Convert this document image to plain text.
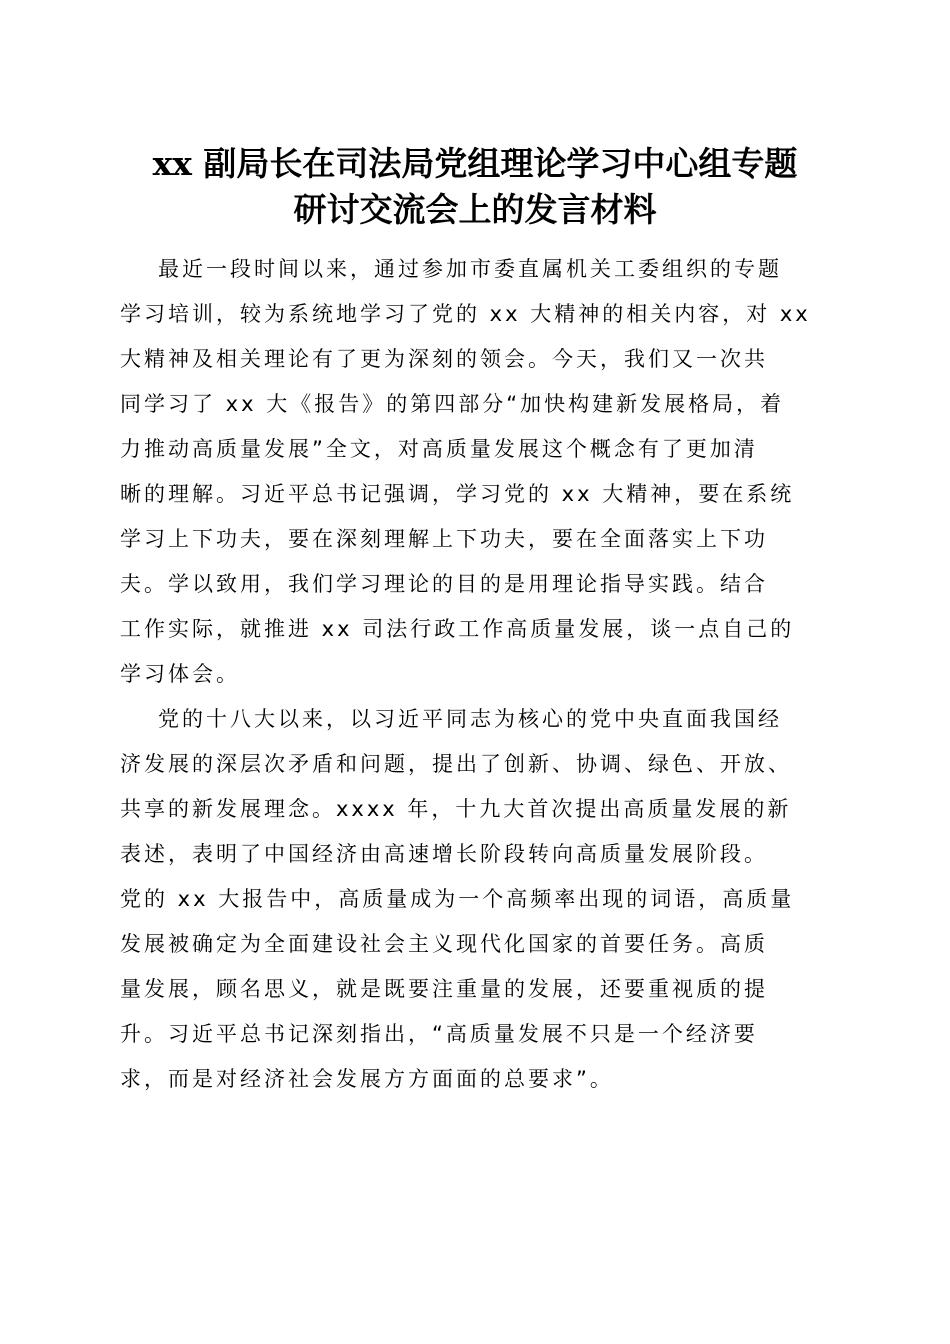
xx 副局长在司法局党组理论学习中心组专题
研讨交流会上的发言材料

最近一段时间以来，通过参加市委直属机关工委组织的专题

学习培训，较为系统地学习了党的 xx 大精神的相关内容，对 xx

大精神及相关理论有了更为深刻的领会。今天，我们又一次共

同学习了 xx 大《报告》的第四部分“加快构建新发展格局，着

力推动高质量发展”全文，对高质量发展这个概念有了更加清

晰的理解。习近平总书记强调，学习党的 xx 大精神，要在系统

学习上下功夫，要在深刻理解上下功夫，要在全面落实上下功

夫。学以致用，我们学习理论的目的是用理论指导实践。结合

工作实际，就推进 xx 司法行政工作高质量发展，谈一点自己的

学习体会。

党的十八大以来，以习近平同志为核心的党中央直面我国经

济发展的深层次矛盾和问题，提出了创新、协调、绿色、开放、

共享的新发展理念。xxxx 年，十九大首次提出高质量发展的新

表述，表明了中国经济由高速增长阶段转向高质量发展阶段。

党的 xx 大报告中，高质量成为一个高频率出现的词语，高质量

发展被确定为全面建设社会主义现代化国家的首要任务。高质

量发展，顾名思义，就是既要注重量的发展，还要重视质的提

升。习近平总书记深刻指出，“高质量发展不只是一个经济要

求，而是对经济社会发展方方面面的总要求”。
